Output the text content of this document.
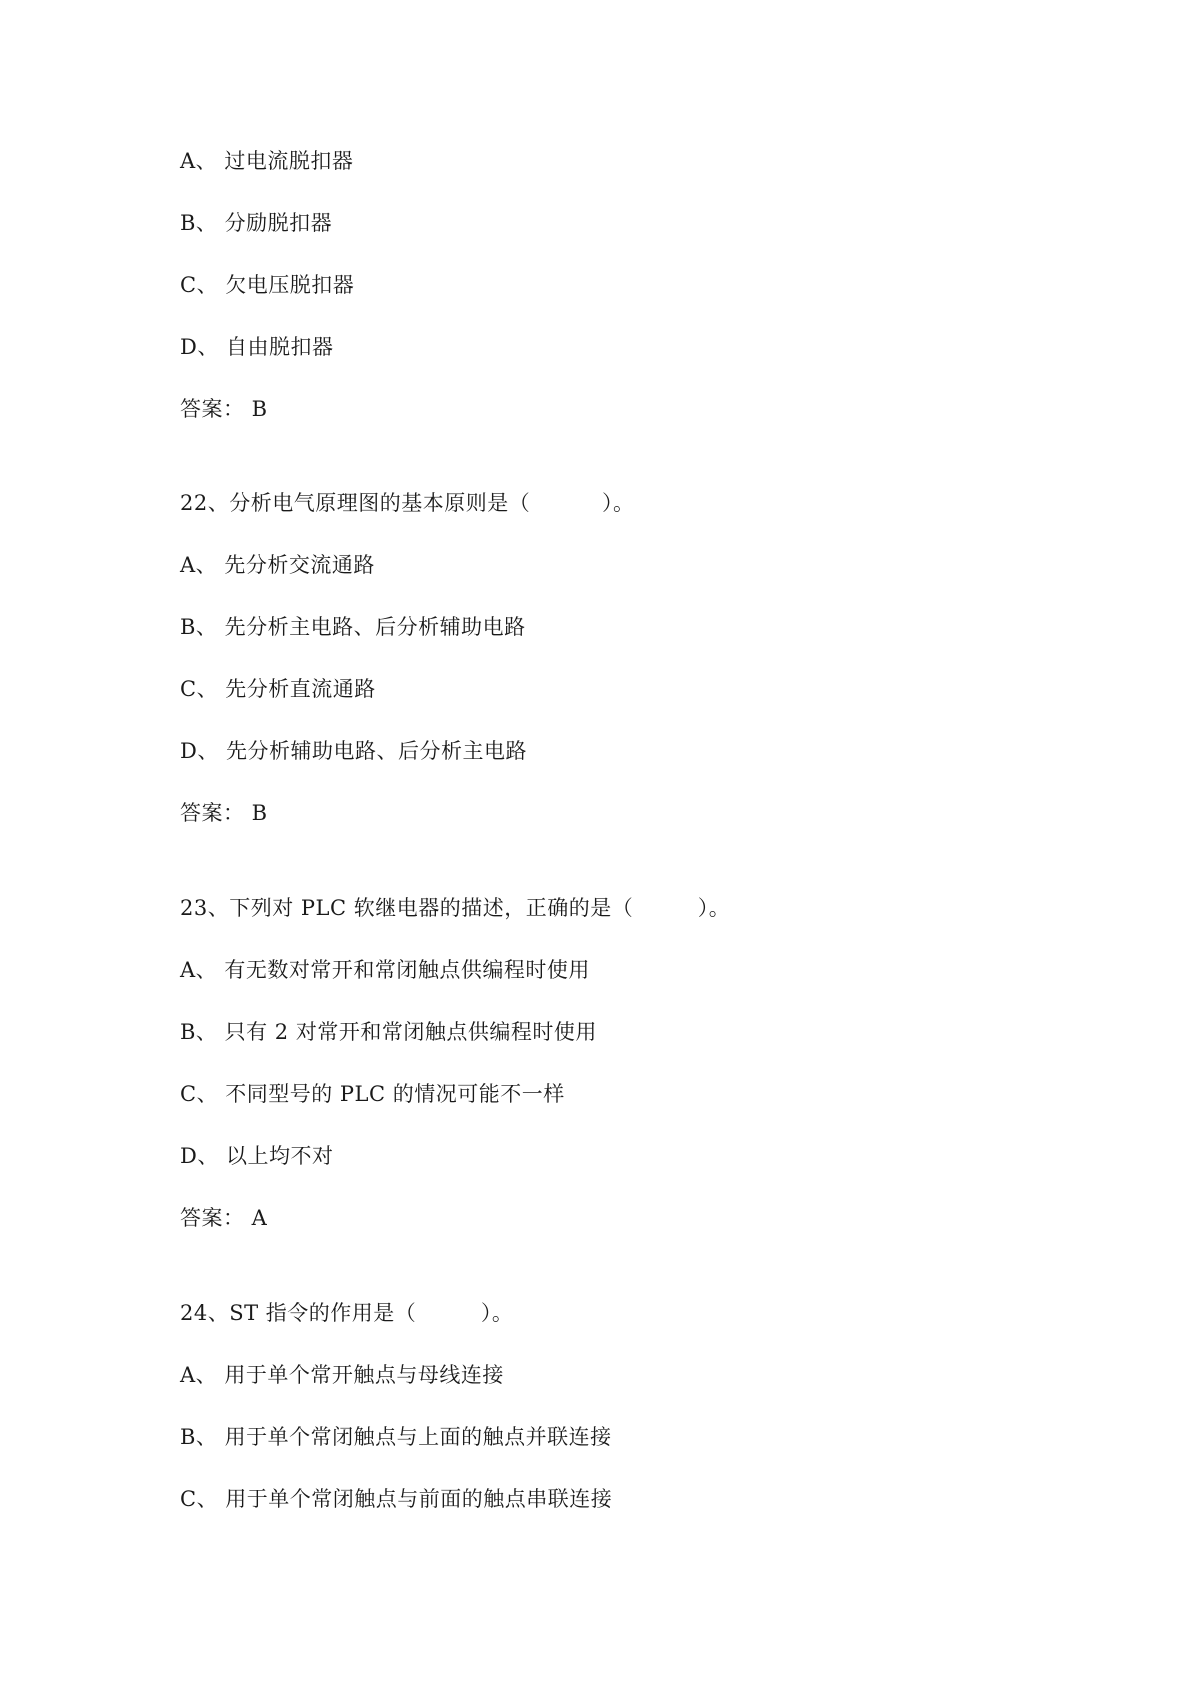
A、 过电流脱扣器
B、 分励脱扣器
C、 欠电压脱扣器
D、 自由脱扣器
答案： B
22、分析电气原理图的基本原则是（          ）。
A、 先分析交流通路
B、 先分析主电路、后分析辅助电路
C、 先分析直流通路
D、 先分析辅助电路、后分析主电路
答案： B
23、下列对 PLC 软继电器的描述，正确的是（         ）。
A、 有无数对常开和常闭触点供编程时使用
B、 只有 2 对常开和常闭触点供编程时使用
C、 不同型号的 PLC 的情况可能不一样
D、 以上均不对
答案： A
24、ST 指令的作用是（         ）。
A、 用于单个常开触点与母线连接
B、 用于单个常闭触点与上面的触点并联连接
C、 用于单个常闭触点与前面的触点串联连接
